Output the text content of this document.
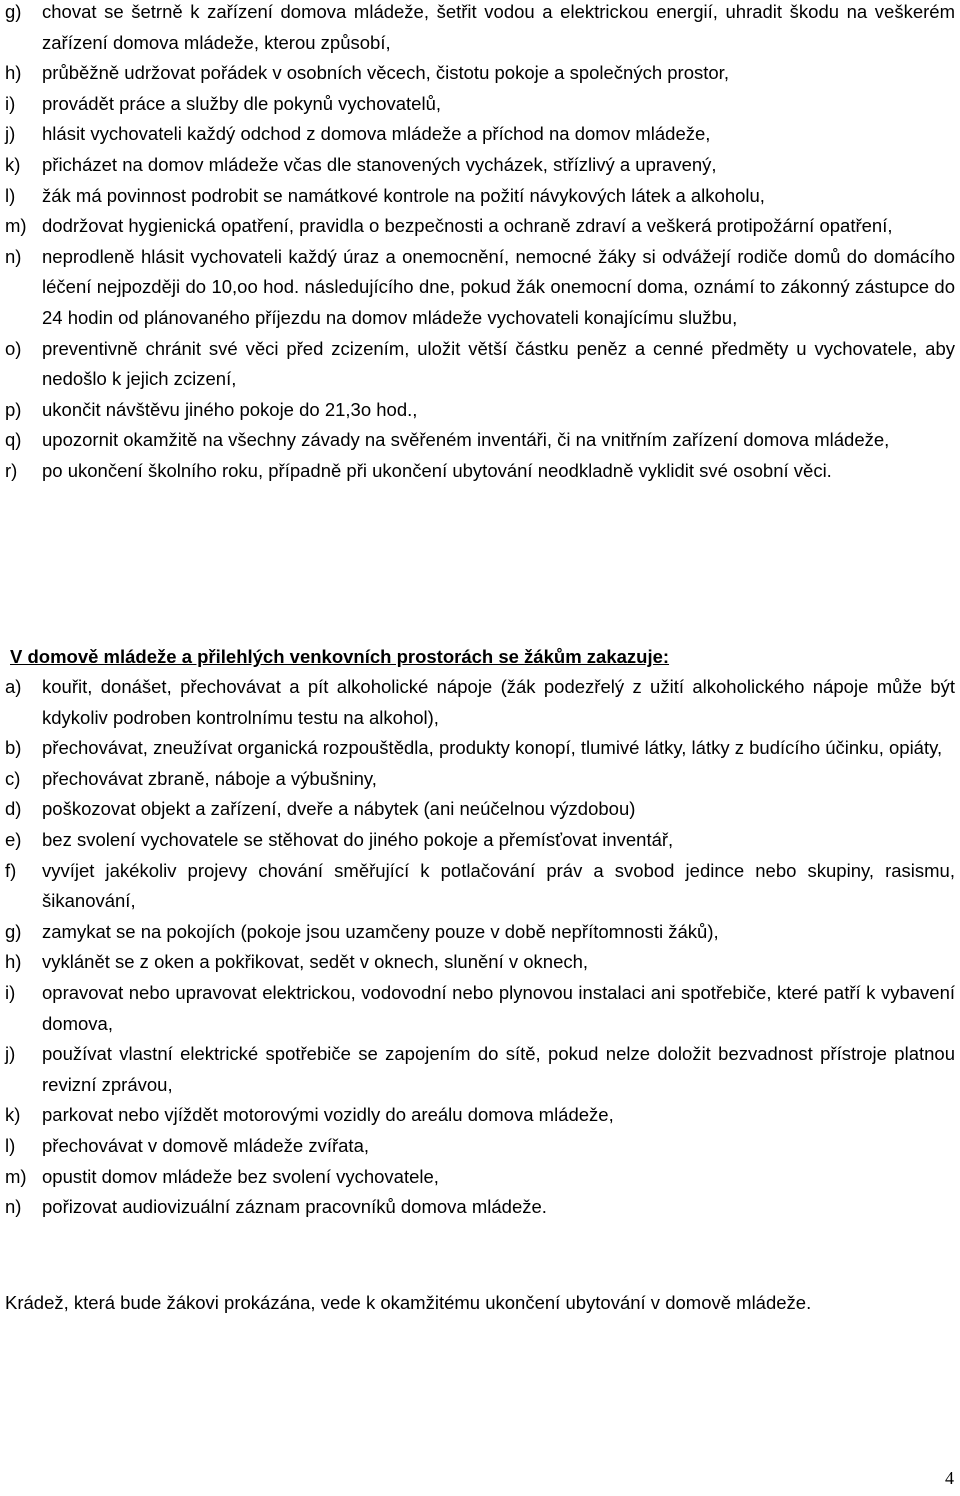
g) chovat se šetrně k zařízení domova mládeže, šetřit vodou a elektrickou energií, uhradit škodu na veškerém zařízení domova mládeže, kterou způsobí,
h) průběžně udržovat pořádek v osobních věcech, čistotu pokoje a společných prostor,
i) provádět práce a služby dle pokynů vychovatelů,
j) hlásit vychovateli každý odchod z domova mládeže a příchod na domov mládeže,
k) přicházet na domov mládeže včas dle stanovených vycházek, střízlivý a upravený,
l) žák má povinnost podrobit se namátkové kontrole na požití návykových látek a alkoholu,
m) dodržovat hygienická opatření, pravidla o bezpečnosti a ochraně zdraví a veškerá protipožární opatření,
n) neprodleně hlásit vychovateli každý úraz a onemocnění, nemocné žáky si odvážejí rodiče domů do domácího léčení nejpozději do 10,oo hod. následujícího dne, pokud žák onemocní doma, oznámí to zákonný zástupce do 24 hodin od plánovaného příjezdu na domov mládeže vychovateli konajícímu službu,
o) preventivně chránit své věci před zcizením, uložit větší částku peněz a cenné předměty u vychovatele, aby nedošlo k jejich zcizení,
p) ukončit návštěvu jiného pokoje do 21,3o hod.,
q) upozornit okamžitě na všechny závady na svěřeném inventáři, či na vnitřním zařízení domova mládeže,
r) po ukončení školního roku, případně při ukončení ubytování neodkladně vyklidit své osobní věci.
V domově mládeže a přilehlých venkovních prostorách se žákům zakazuje:
a) kouřit, donášet, přechovávat a pít alkoholické nápoje (žák podezřelý z užití alkoholického nápoje může být kdykoliv podroben kontrolnímu testu na alkohol),
b) přechovávat, zneužívat organická rozpouštědla, produkty konopí, tlumivé látky, látky z budícího účinku, opiáty,
c) přechovávat zbraně, náboje a výbušniny,
d) poškozovat objekt a zařízení, dveře a nábytek (ani neúčelnou výzdobou)
e) bez svolení vychovatele se stěhovat do jiného pokoje a přemísťovat inventář,
f) vyvíjet jakékoliv projevy chování směřující k potlačování práv a svobod jedince nebo skupiny, rasismu, šikanování,
g) zamykat se na pokojích (pokoje jsou uzamčeny pouze v době nepřítomnosti žáků),
h) vyklánět se z oken a pokřikovat, sedět v oknech, slunění v oknech,
i) opravovat nebo upravovat elektrickou, vodovodní nebo plynovou instalaci ani spotřebiče, které patří k vybavení domova,
j) používat vlastní elektrické spotřebiče se zapojením do sítě, pokud nelze doložit bezvadnost přístroje platnou revizní zprávou,
k) parkovat nebo vjíždět motorovými vozidly do areálu domova mládeže,
l) přechovávat v domově mládeže zvířata,
m) opustit domov mládeže bez svolení vychovatele,
n) pořizovat audiovizuální záznam pracovníků domova mládeže.
Krádež, která bude žákovi prokázána, vede k okamžitému ukončení ubytování v domově mládeže.
4
